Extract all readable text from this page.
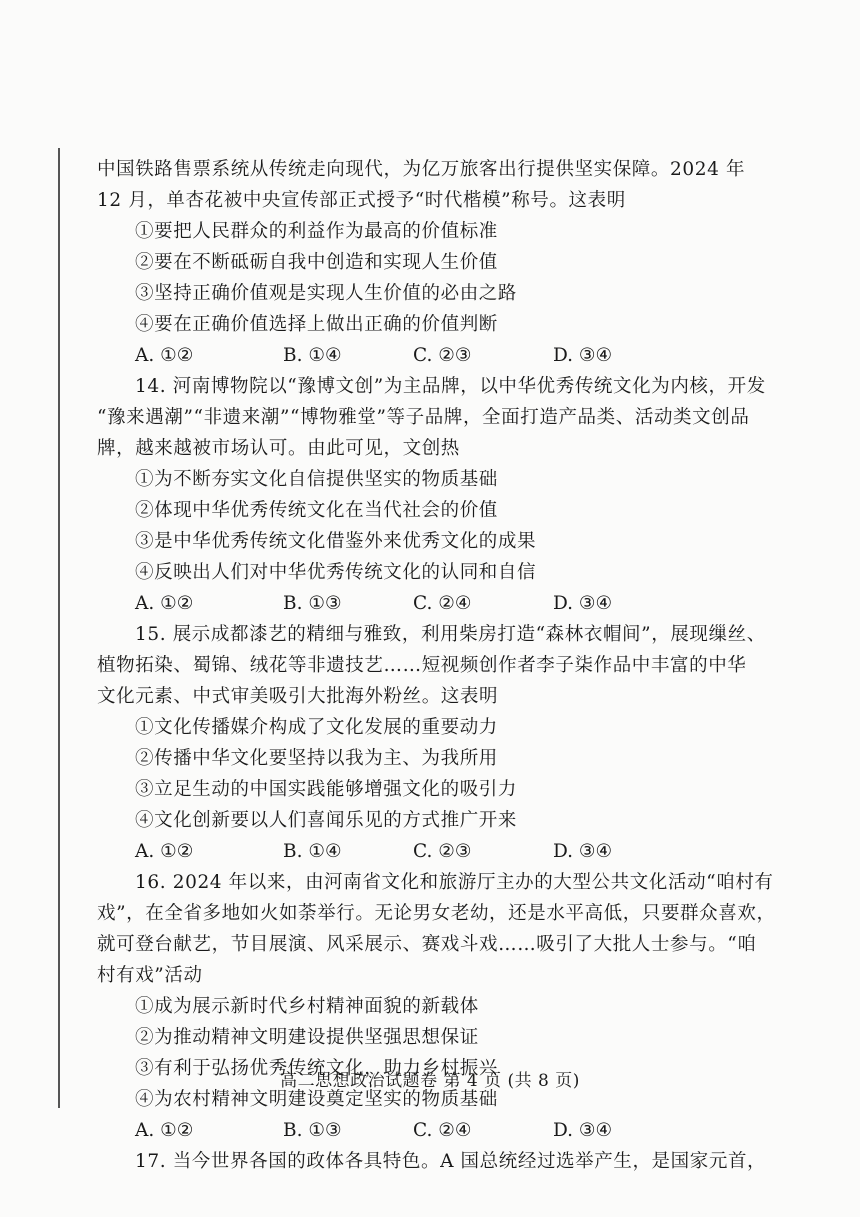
中国铁路售票系统从传统走向现代，为亿万旅客出行提供坚实保障。2024 年
12 月，单杏花被中央宣传部正式授予“时代楷模”称号。这表明
①要把人民群众的利益作为最高的价值标准
②要在不断砥砺自我中创造和实现人生价值
③坚持正确价值观是实现人生价值的必由之路
④要在正确价值选择上做出正确的价值判断
A. ①②	B. ①④	C. ②③	D. ③④
14. 河南博物院以“豫博文创”为主品牌，以中华优秀传统文化为内核，开发
“豫来遇潮”“非遗来潮”“博物雅堂”等子品牌，全面打造产品类、活动类文创品
牌，越来越被市场认可。由此可见，文创热
①为不断夯实文化自信提供坚实的物质基础
②体现中华优秀传统文化在当代社会的价值
③是中华优秀传统文化借鉴外来优秀文化的成果
④反映出人们对中华优秀传统文化的认同和自信
A. ①②	B. ①③	C. ②④	D. ③④
15. 展示成都漆艺的精细与雅致，利用柴房打造“森林衣帽间”，展现缫丝、
植物拓染、蜀锦、绒花等非遗技艺……短视频创作者李子柒作品中丰富的中华
文化元素、中式审美吸引大批海外粉丝。这表明
①文化传播媒介构成了文化发展的重要动力
②传播中华文化要坚持以我为主、为我所用
③立足生动的中国实践能够增强文化的吸引力
④文化创新要以人们喜闻乐见的方式推广开来
A. ①②	B. ①④	C. ②③	D. ③④
16. 2024 年以来，由河南省文化和旅游厅主办的大型公共文化活动“咱村有
戏”，在全省多地如火如荼举行。无论男女老幼，还是水平高低，只要群众喜欢，
就可登台献艺，节目展演、风采展示、赛戏斗戏……吸引了大批人士参与。“咱
村有戏”活动
①成为展示新时代乡村精神面貌的新载体
②为推动精神文明建设提供坚强思想保证
③有利于弘扬优秀传统文化，助力乡村振兴
④为农村精神文明建设奠定坚实的物质基础
A. ①②	B. ①③	C. ②④	D. ③④
17. 当今世界各国的政体各具特色。A 国总统经过选举产生，是国家元首，
高二思想政治试题卷 第 4 页 (共 8 页)
